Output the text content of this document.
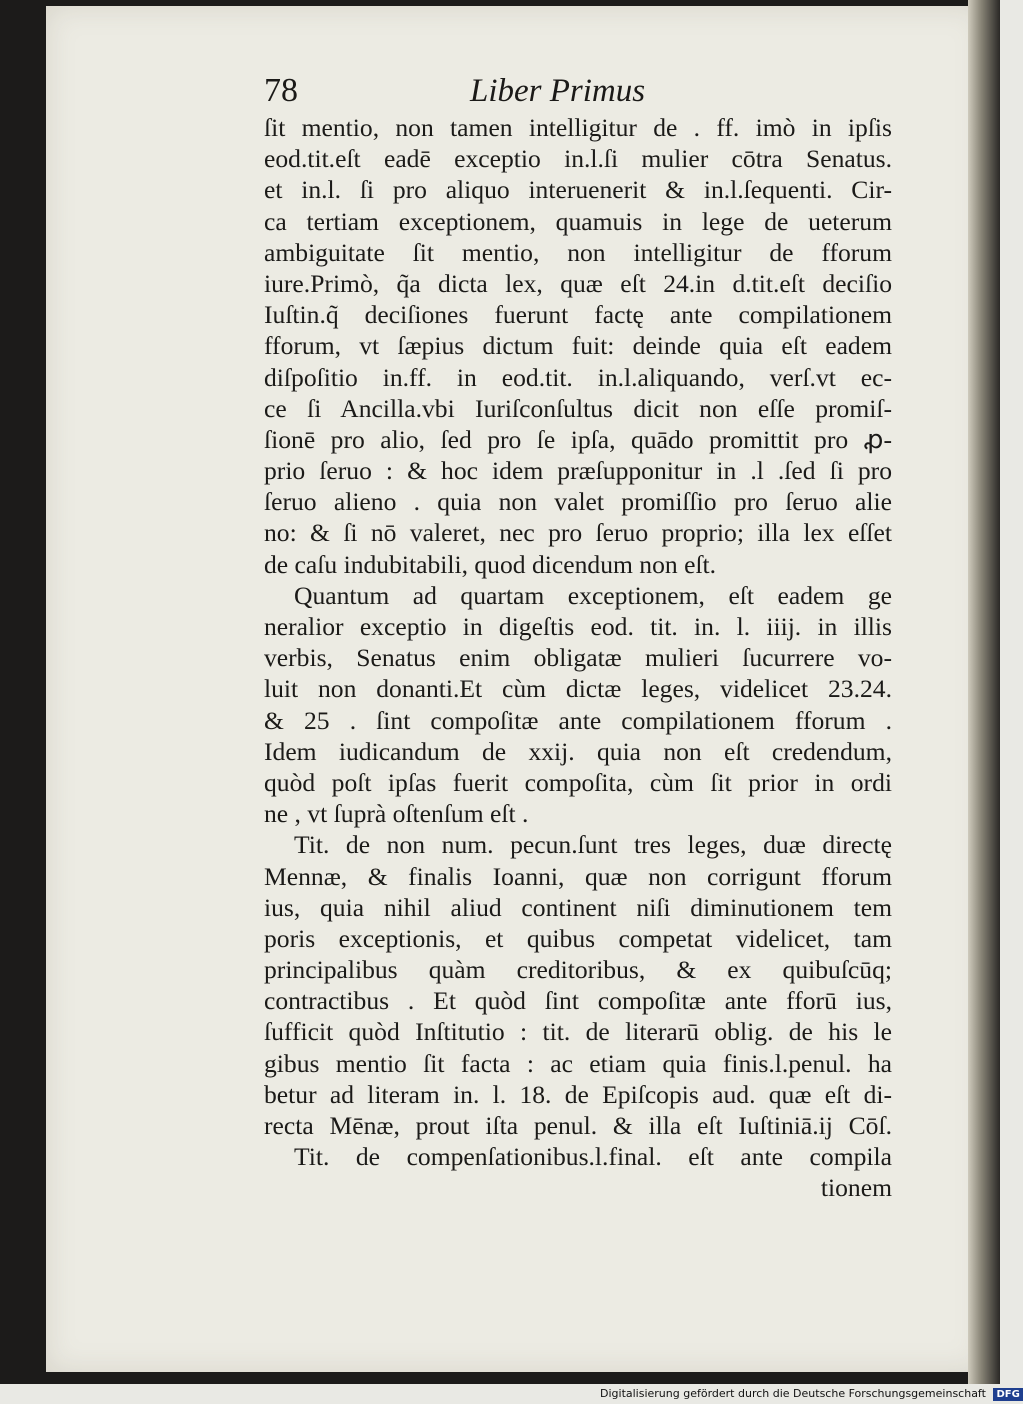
78	Liber Primus
ſit mentio, non tamen intelligitur de . ff. imò in ipſis
eod.tit.eſt eadē exceptio in.l.ſi mulier cōtra Senatus.
et in.l. ſi pro aliquo interuenerit & in.l.ſequenti. Cir-
ca tertiam exceptionem, quamuis in lege de ueterum
ambiguitate ſit mentio, non intelligitur de fforum
iure.Primò, q̃a dicta lex, quæ eſt 24.in d.tit.eſt deciſio
Iuſtin.q̃ deciſiones fuerunt factę ante compilationem
fforum, vt ſæpius dictum fuit: deinde quia eſt eadem
diſpoſitio in.ff. in eod.tit. in.l.aliquando, verſ.vt ec-
ce ſi Ancilla.vbi Iuriſconſultus dicit non eſſe promiſ-
ſionē pro alio, ſed pro ſe ipſa, quādo promittit pro ꝓ-
prio ſeruo : & hoc idem præſupponitur in .l .ſed ſi pro
ſeruo alieno . quia non valet promiſſio pro ſeruo alie
no: & ſi nō valeret, nec pro ſeruo proprio; illa lex eſſet
de caſu indubitabili, quod dicendum non eſt.
Quantum ad quartam exceptionem, eſt eadem ge
neralior exceptio in digeſtis eod. tit. in. l. iiij. in illis
verbis, Senatus enim obligatæ mulieri ſucurrere vo-
luit non donanti.Et cùm dictæ leges, videlicet 23.24.
& 25 . ſint compoſitæ ante compilationem fforum .
Idem iudicandum de xxij. quia non eſt credendum,
quòd poſt ipſas fuerit compoſita, cùm ſit prior in ordi
ne , vt ſuprà oſtenſum eſt .
Tit. de non num. pecun.ſunt tres leges, duæ directę
Mennæ, & finalis Ioanni, quæ non corrigunt fforum
ius, quia nihil aliud continent niſi diminutionem tem
poris exceptionis, et quibus competat videlicet, tam
principalibus quàm creditoribus, & ex quibuſcūq;
contractibus . Et quòd ſint compoſitæ ante fforū ius,
ſufficit quòd Inſtitutio : tit. de literarū oblig. de his le
gibus mentio ſit facta : ac etiam quia finis.l.penul. ha
betur ad literam in. l. 18. de Epiſcopis aud. quæ eſt di-
recta Mēnæ, prout iſta penul. & illa eſt Iuſtiniā.ij Cōſ.
Tit. de compenſationibus.l.final. eſt ante compila
tionem
Digitalisierung gefördert durch die Deutsche Forschungsgemeinschaft DFG
